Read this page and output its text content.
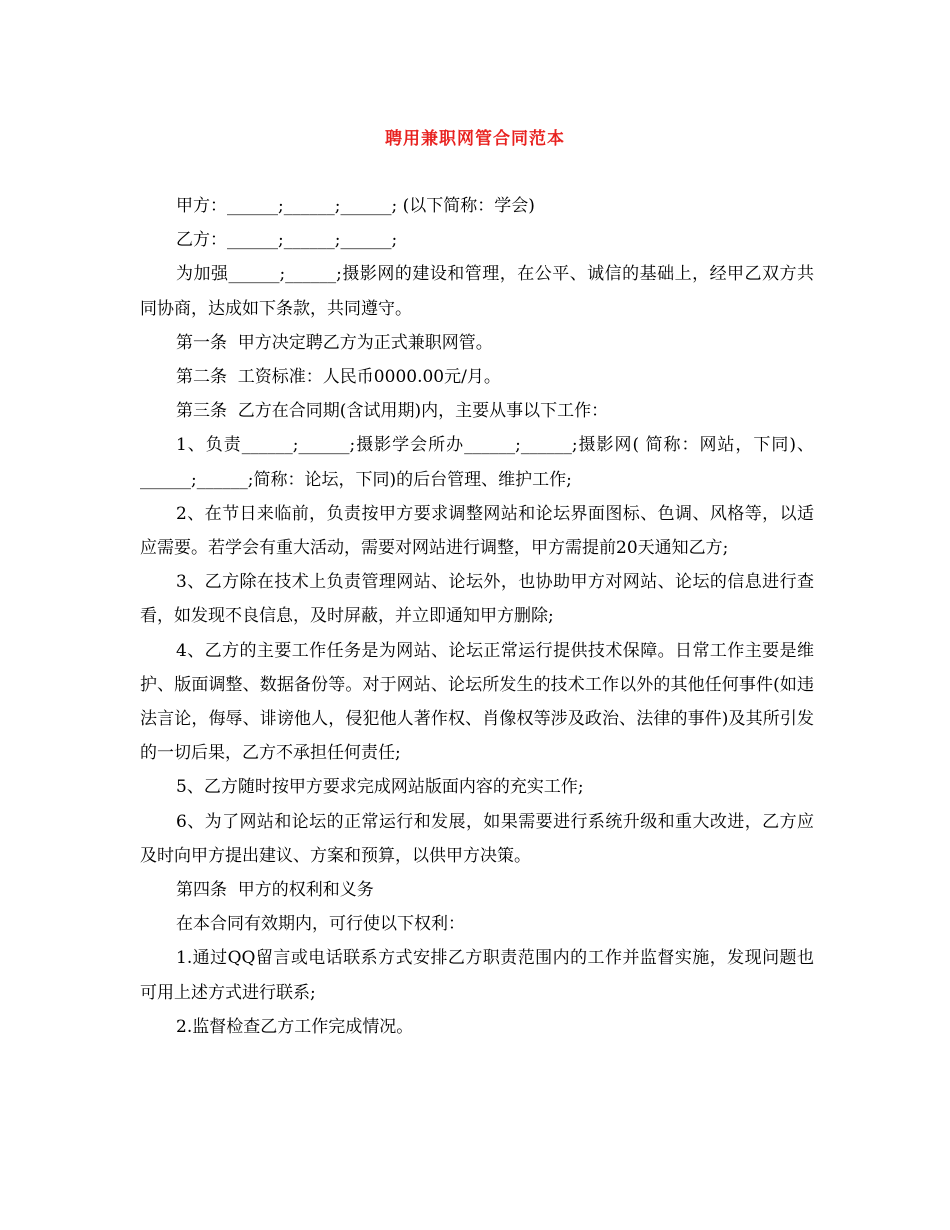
聘用兼职网管合同范本

甲方：______;______;______; (以下简称：学会)

乙方：______;______;______;

为加强______;______;摄影网的建设和管理，在公平、诚信的基础上，经甲乙双方共同协商，达成如下条款，共同遵守。

第一条  甲方决定聘乙方为正式兼职网管。

第二条  工资标准：人民币0000.00元/月。

第三条  乙方在合同期(含试用期)内，主要从事以下工作：

1、负责______;______;摄影学会所办______;______;摄影网( 简称：网站，下同)、______;______;简称：论坛，下同)的后台管理、维护工作;

2、在节日来临前，负责按甲方要求调整网站和论坛界面图标、色调、风格等，以适应需要。若学会有重大活动，需要对网站进行调整，甲方需提前20天通知乙方;

3、乙方除在技术上负责管理网站、论坛外，也协助甲方对网站、论坛的信息进行查看，如发现不良信息，及时屏蔽，并立即通知甲方删除;

4、乙方的主要工作任务是为网站、论坛正常运行提供技术保障。日常工作主要是维护、版面调整、数据备份等。对于网站、论坛所发生的技术工作以外的其他任何事件(如违法言论，侮辱、诽谤他人，侵犯他人著作权、肖像权等涉及政治、法律的事件)及其所引发的一切后果，乙方不承担任何责任;

5、乙方随时按甲方要求完成网站版面内容的充实工作;

6、为了网站和论坛的正常运行和发展，如果需要进行系统升级和重大改进，乙方应及时向甲方提出建议、方案和预算，以供甲方决策。

第四条  甲方的权利和义务

在本合同有效期内，可行使以下权利：

1.通过QQ留言或电话联系方式安排乙方职责范围内的工作并监督实施，发现问题也可用上述方式进行联系;

2.监督检查乙方工作完成情况。
